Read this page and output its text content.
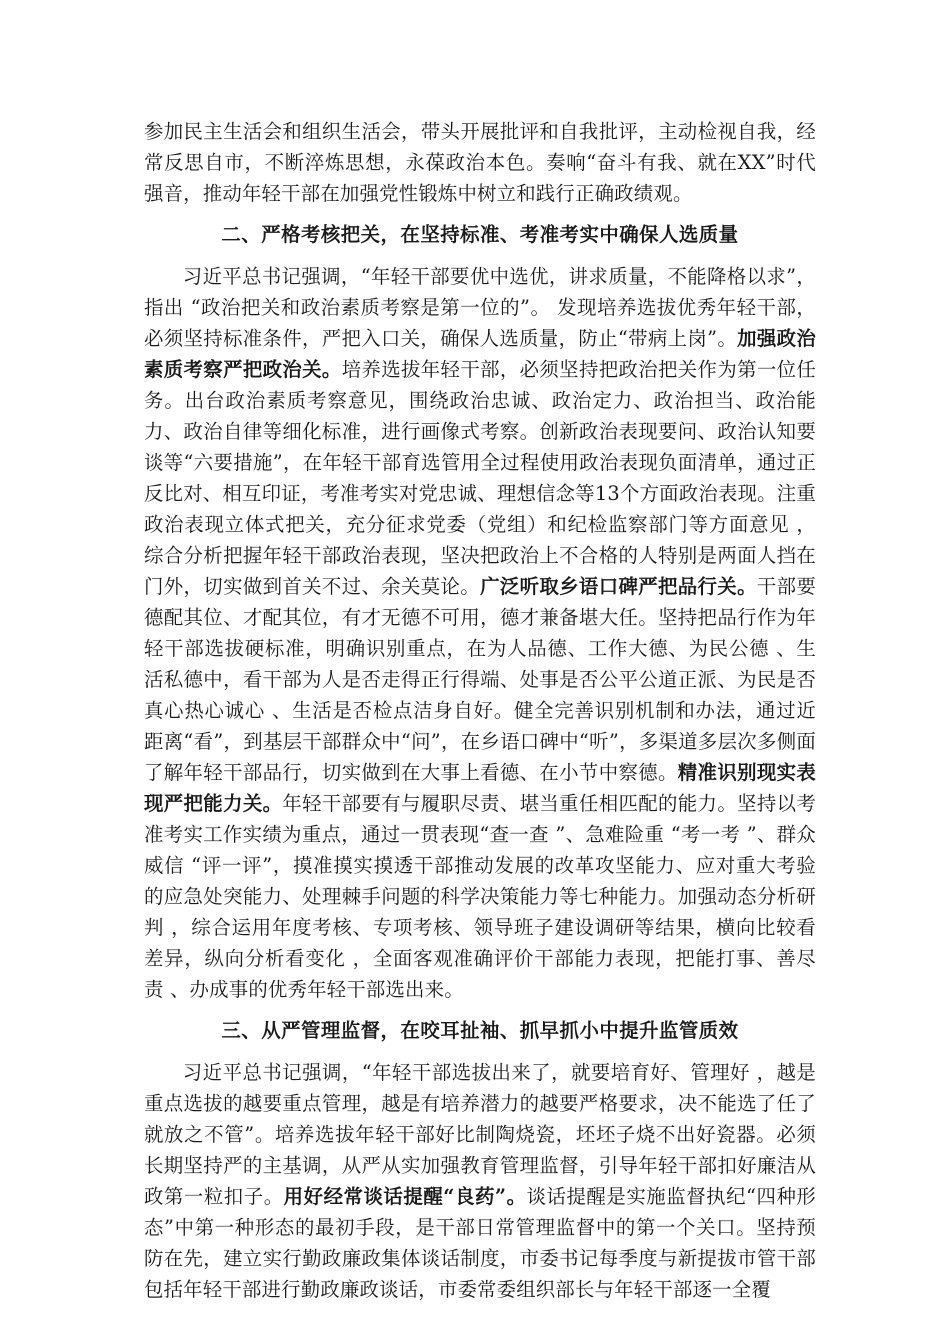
参加民主生活会和组织生活会，带头开展批评和自我批评，主动检视自我，经常反思自市，不断淬炼思想，永葆政治本色。奏响“奋斗有我、就在XX”时代强音，推动年轻干部在加强党性锻炼中树立和践行正确政绩观。

二、严格考核把关，在坚持标准、考准考实中确保人选质量

习近平总书记强调，“年轻干部要优中选优，讲求质量，不能降格以求”，指出 “政治把关和政治素质考察是第一位的”。 发现培养选拔优秀年轻干部，必须坚持标准条件，严把入口关，确保人选质量，防止“带病上岗”。加强政治素质考察严把政治关。培养选拔年轻干部，必须坚持把政治把关作为第一位任务。出台政治素质考察意见，围绕政治忠诚、政治定力、政治担当、政治能力、政治自律等细化标准，进行画像式考察。创新政治表现要问、政治认知要谈等“六要措施”，在年轻干部育选管用全过程使用政治表现负面清单，通过正反比对、相互印证，考准考实对党忠诚、理想信念等13个方面政治表现。注重政治表现立体式把关，充分征求党委（党组）和纪检监察部门等方面意见 ，综合分析把握年轻干部政治表现，坚决把政治上不合格的人特别是两面人挡在门外，切实做到首关不过、余关莫论。广泛听取乡语口碑严把品行关。干部要德配其位、才配其位，有才无德不可用，德才兼备堪大任。坚持把品行作为年轻干部选拔硬标准，明确识别重点，在为人品德、工作大德、为民公德 、生活私德中，看干部为人是否走得正行得端、处事是否公平公道正派、为民是否真心热心诚心 、生活是否检点洁身自好。健全完善识别机制和办法，通过近距离“看”，到基层干部群众中“问”，在乡语口碑中“听”，多渠道多层次多侧面了解年轻干部品行，切实做到在大事上看德、在小节中察德。精准识别现实表现严把能力关。年轻干部要有与履职尽责、堪当重任相匹配的能力。坚持以考准考实工作实绩为重点，通过一贯表现“查一查 ”、急难险重 “考一考 ”、群众威信 “评一评”，摸准摸实摸透干部推动发展的改革攻坚能力、应对重大考验的应急处突能力、处理棘手问题的科学决策能力等七种能力。加强动态分析研判 ，综合运用年度考核、专项考核、领导班子建设调研等结果，横向比较看差异，纵向分析看变化 ，全面客观准确评价干部能力表现，把能打事、善尽责 、办成事的优秀年轻干部选出来。

三、从严管理监督，在咬耳扯袖、抓早抓小中提升监管质效

习近平总书记强调，“年轻干部选拔出来了，就要培育好、管理好 ，越是重点选拔的越要重点管理，越是有培养潜力的越要严格要求，决不能选了任了就放之不管”。培养选拔年轻干部好比制陶烧瓷，坯坯子烧不出好瓷器。必须长期坚持严的主基调，从严从实加强教育管理监督，引导年轻干部扣好廉洁从政第一粒扣子。用好经常谈话提醒“良药”。谈话提醒是实施监督执纪“四种形态”中第一种形态的最初手段，是干部日常管理监督中的第一个关口。坚持预防在先，建立实行勤政廉政集体谈话制度，市委书记每季度与新提拔市管干部包括年轻干部进行勤政廉政谈话，市委常委组织部长与年轻干部逐一全覆
